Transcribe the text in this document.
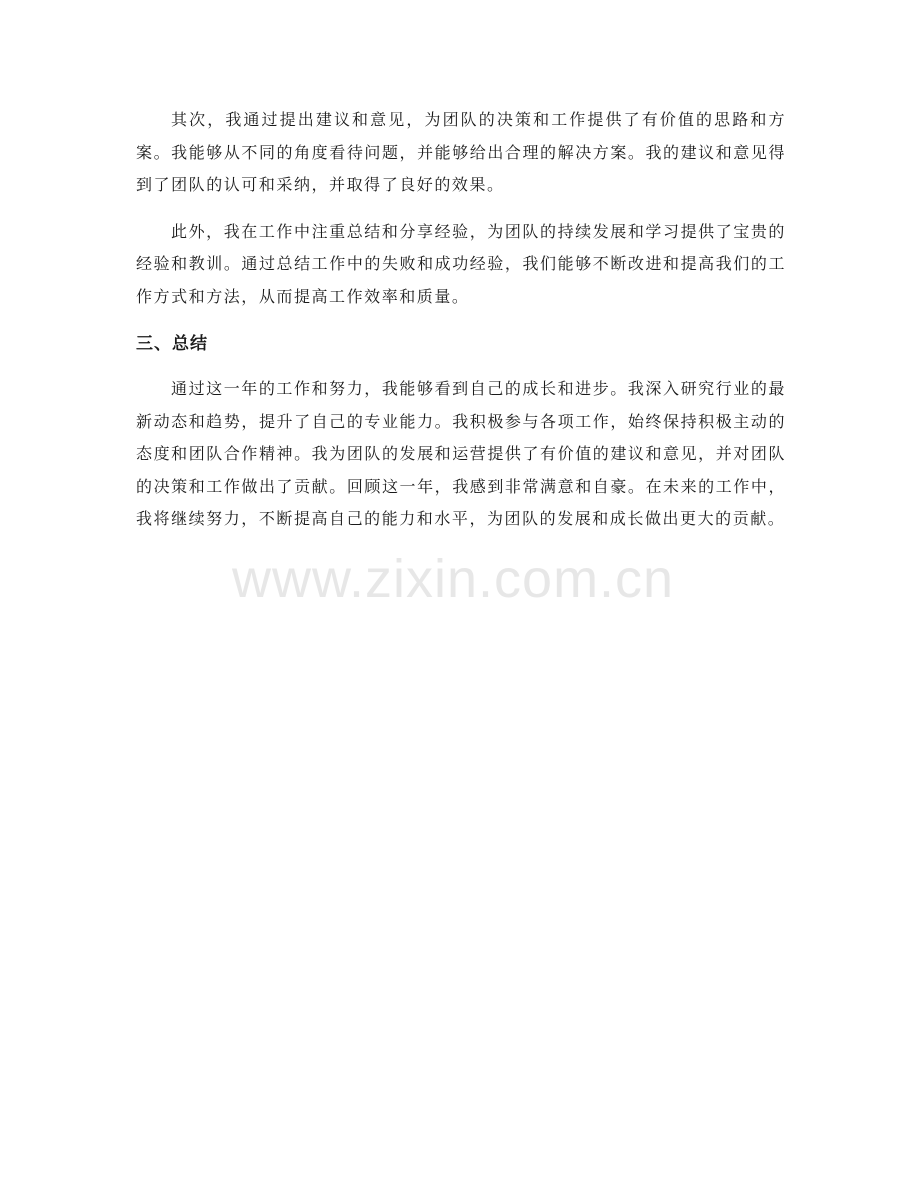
其次，我通过提出建议和意见，为团队的决策和工作提供了有价值的思路和方案。我能够从不同的角度看待问题，并能够给出合理的解决方案。我的建议和意见得到了团队的认可和采纳，并取得了良好的效果。

此外，我在工作中注重总结和分享经验，为团队的持续发展和学习提供了宝贵的经验和教训。通过总结工作中的失败和成功经验，我们能够不断改进和提高我们的工作方式和方法，从而提高工作效率和质量。

三、总结

通过这一年的工作和努力，我能够看到自己的成长和进步。我深入研究行业的最新动态和趋势，提升了自己的专业能力。我积极参与各项工作，始终保持积极主动的态度和团队合作精神。我为团队的发展和运营提供了有价值的建议和意见，并对团队的决策和工作做出了贡献。回顾这一年，我感到非常满意和自豪。在未来的工作中，我将继续努力，不断提高自己的能力和水平，为团队的发展和成长做出更大的贡献。

www.zixin.com.cn
